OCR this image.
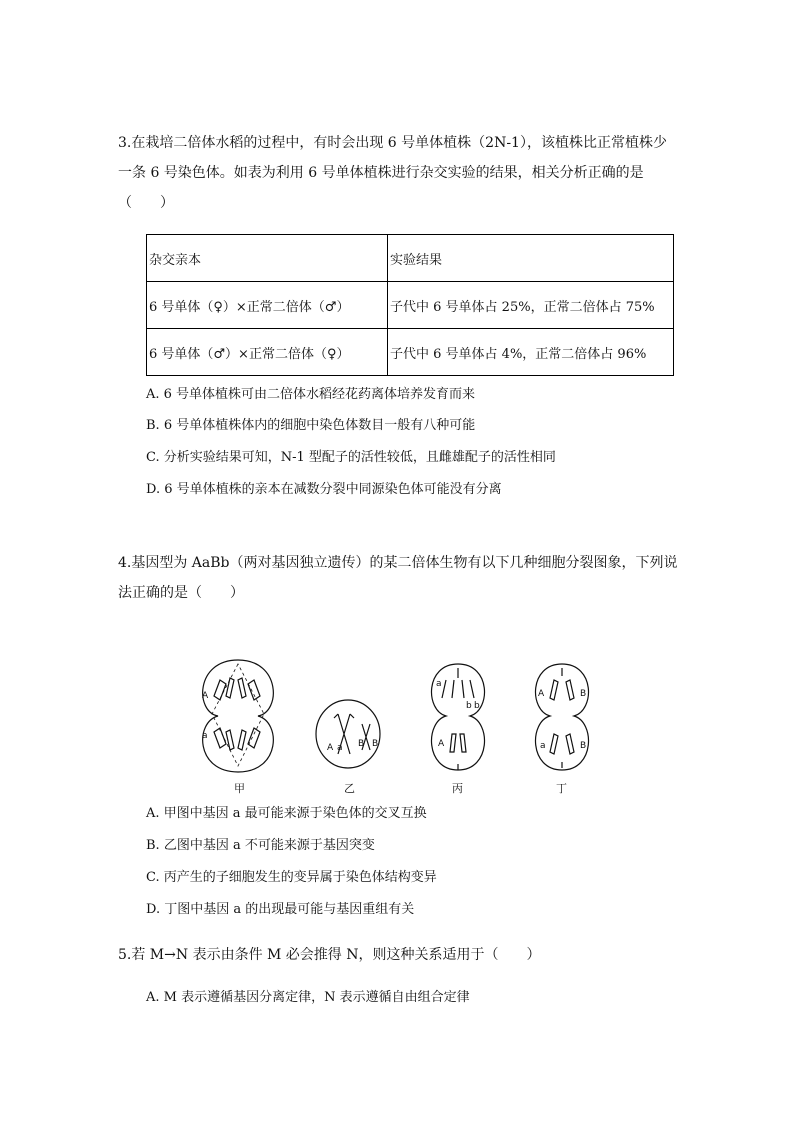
3.在栽培二倍体水稻的过程中，有时会出现 6 号单体植株（2N-1），该植株比正常植株少
一条 6 号染色体。如表为利用 6 号单体植株进行杂交实验的结果，相关分析正确的是
（　　）
杂交亲本	实验结果
6 号单体（♀）×正常二倍体（♂）	子代中 6 号单体占 25%，正常二倍体占 75%
6 号单体（♂）×正常二倍体（♀）	子代中 6 号单体占 4%，正常二倍体占 96%
A. 6 号单体植株可由二倍体水稻经花药离体培养发育而来
B. 6 号单体植株体内的细胞中染色体数目一般有八种可能
C. 分析实验结果可知，N-1 型配子的活性较低，且雌雄配子的活性相同
D. 6 号单体植株的亲本在减数分裂中同源染色体可能没有分离
4.基因型为 AaBb（两对基因独立遗传）的某二倍体生物有以下几种细胞分裂图象，下列说
法正确的是（　　）
A
a
甲
A a B B
乙
a
b b
A
丙
A	B
a	B
丁
A. 甲图中基因 a 最可能来源于染色体的交叉互换
B. 乙图中基因 a 不可能来源于基因突变
C. 丙产生的子细胞发生的变异属于染色体结构变异
D. 丁图中基因 a 的出现最可能与基因重组有关
5.若 M→N 表示由条件 M 必会推得 N，则这种关系适用于（　　）
A. M 表示遵循基因分离定律，N 表示遵循自由组合定律
